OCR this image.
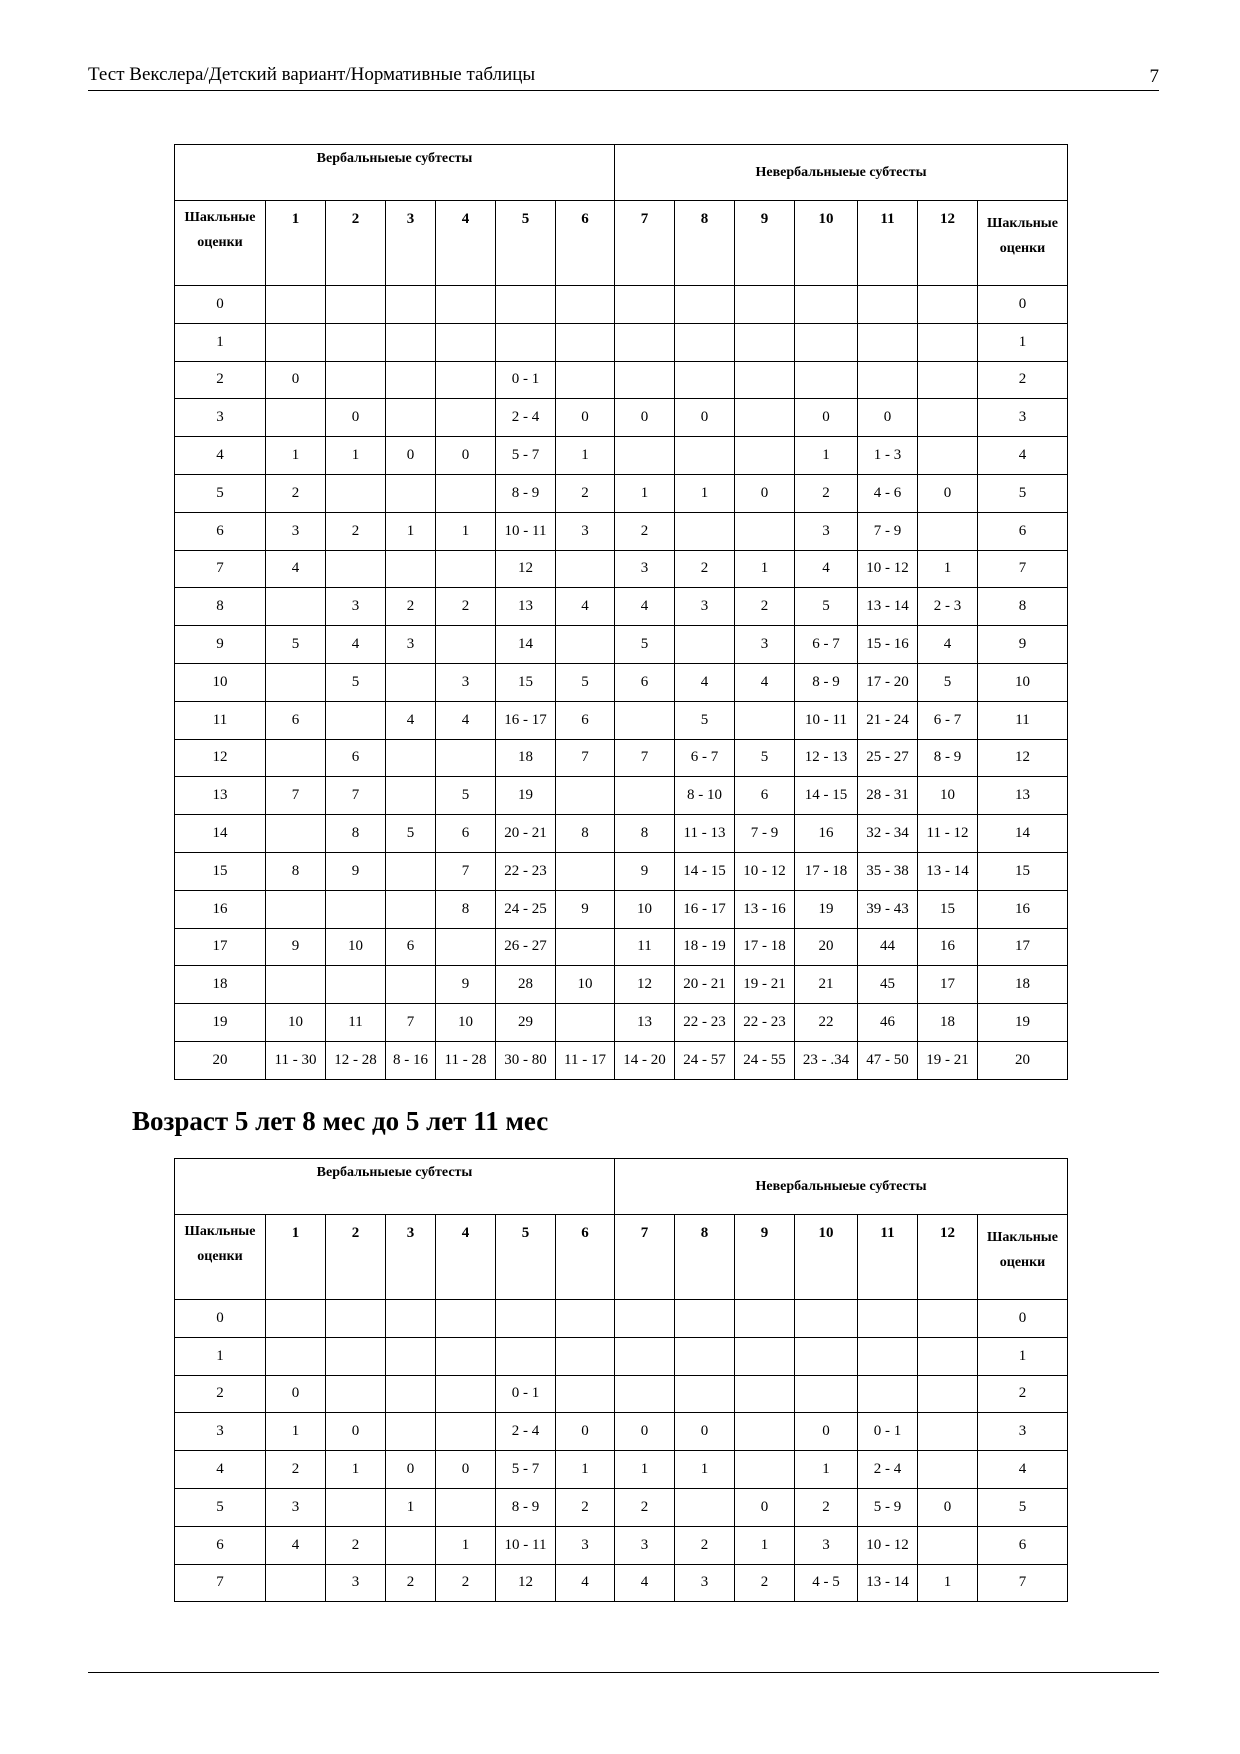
Тест Векслера/Детский вариант/Нормативные таблицы	7
Вербальныеые субтесты							Невербальныеые субтесты						
Шакльные оценки	1	2	3	4	5	6	7	8	9	10	11	12	Шакльные оценки
0													0
1													1
2	0				0 - 1								2
3		0			2 - 4	0	0	0		0	0		3
4	1	1	0	0	5 - 7	1				1	1 - 3		4
5	2				8 - 9	2	1	1	0	2	4 - 6	0	5
6	3	2	1	1	10 - 11	3	2			3	7 - 9		6
7	4				12		3	2	1	4	10 - 12	1	7
8		3	2	2	13	4	4	3	2	5	13 - 14	2 - 3	8
9	5	4	3		14		5		3	6 - 7	15 - 16	4	9
10		5		3	15	5	6	4	4	8 - 9	17 - 20	5	10
11	6		4	4	16 - 17	6		5		10 - 11	21 - 24	6 - 7	11
12		6			18	7	7	6 - 7	5	12 - 13	25 - 27	8 - 9	12
13	7	7		5	19			8 - 10	6	14 - 15	28 - 31	10	13
14		8	5	6	20 - 21	8	8	11 - 13	7 - 9	16	32 - 34	11 - 12	14
15	8	9		7	22 - 23		9	14 - 15	10 - 12	17 - 18	35 - 38	13 - 14	15
16				8	24 - 25	9	10	16 - 17	13 - 16	19	39 - 43	15	16
17	9	10	6		26 - 27		11	18 - 19	17 - 18	20	44	16	17
18				9	28	10	12	20 - 21	19 - 21	21	45	17	18
19	10	11	7	10	29		13	22 - 23	22 - 23	22	46	18	19
20	11 - 30	12 - 28	8 - 16	11 - 28	30 - 80	11 - 17	14 - 20	24 - 57	24 - 55	23 - .34	47 - 50	19 - 21	20
Возраст 5 лет 8 мес до 5 лет 11 мес
Вербальныеые субтесты							Невербальныеые субтесты						
Шакльные оценки	1	2	3	4	5	6	7	8	9	10	11	12	Шакльные оценки
0													0
1													1
2	0				0 - 1								2
3	1	0			2 - 4	0	0	0		0	0 - 1		3
4	2	1	0	0	5 - 7	1	1	1		1	2 - 4		4
5	3		1		8 - 9	2	2		0	2	5 - 9	0	5
6	4	2		1	10 - 11	3	3	2	1	3	10 - 12		6
7		3	2	2	12	4	4	3	2	4 - 5	13 - 14	1	7
